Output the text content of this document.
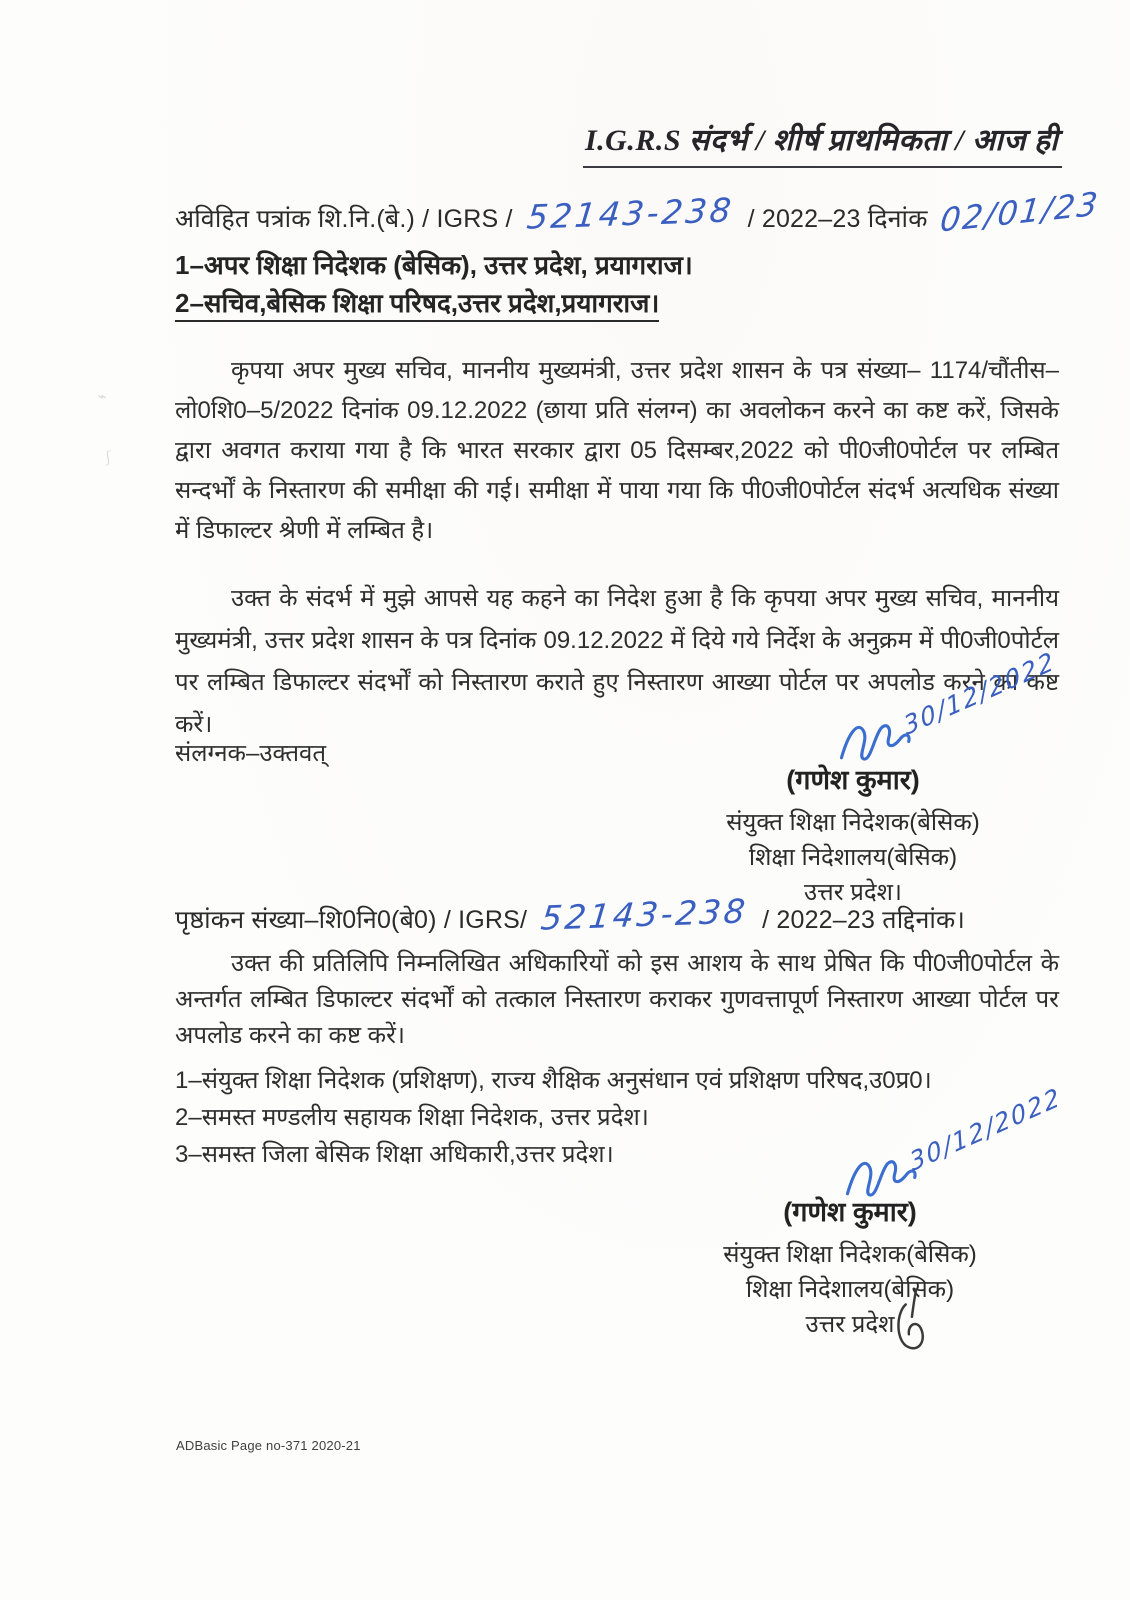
⌁
⎰
I.G.R.S संदर्भ / शीर्ष प्राथमिकता / आज ही
अविहित पत्रांक शि.नि.(बे.) / IGRS / 52143-238 / 2022–23 दिनांक 02/01/23
1–अपर शिक्षा निदेशक (बेसिक), उत्तर प्रदेश, प्रयागराज।
2–सचिव,बेसिक शिक्षा परिषद,उत्तर प्रदेश,प्रयागराज।

कृपया अपर मुख्य सचिव, माननीय मुख्यमंत्री, उत्तर प्रदेश शासन के पत्र संख्या– 1174/चौंतीस–लो0शि0–5/2022 दिनांक 09.12.2022 (छाया प्रति संलग्न) का अवलोकन करने का कष्ट करें, जिसके द्वारा अवगत कराया गया है कि भारत सरकार द्वारा 05 दिसम्बर,2022 को पी0जी0पोर्टल पर लम्बित सन्दर्भों के निस्तारण की समीक्षा की गई। समीक्षा में पाया गया कि पी0जी0पोर्टल संदर्भ अत्यधिक संख्या में डिफाल्टर श्रेणी में लम्बित है।

उक्त के संदर्भ में मुझे आपसे यह कहने का निदेश हुआ है कि कृपया अपर मुख्य सचिव, माननीय मुख्यमंत्री, उत्तर प्रदेश शासन के पत्र दिनांक 09.12.2022 में दिये गये निर्देश के अनुक्रम में पी0जी0पोर्टल पर लम्बित डिफाल्टर संदर्भों को निस्तारण कराते हुए निस्तारण आख्या पोर्टल पर अपलोड करने का कष्ट करें।

संलग्नक–उक्तवत्
30/12/2022

(गणेश कुमार)

संयुक्त शिक्षा निदेशक(बेसिक)

शिक्षा निदेशालय(बेसिक)

उत्तर प्रदेश।

पृष्ठांकन संख्या–शि0नि0(बे0) / IGRS/ 52143-238 / 2022–23 तद्दिनांक।

उक्त की प्रतिलिपि निम्नलिखित अधिकारियों को इस आशय के साथ प्रेषित कि पी0जी0पोर्टल के अन्तर्गत लम्बित डिफाल्टर संदर्भों को तत्काल निस्तारण कराकर गुणवत्तापूर्ण निस्तारण आख्या पोर्टल पर अपलोड करने का कष्ट करें।

1–संयुक्त शिक्षा निदेशक (प्रशिक्षण), राज्य शैक्षिक अनुसंधान एवं प्रशिक्षण परिषद,उ0प्र0।
2–समस्त मण्डलीय सहायक शिक्षा निदेशक, उत्तर प्रदेश।
3–समस्त जिला बेसिक शिक्षा अधिकारी,उत्तर प्रदेश।	30/12/2022

(गणेश कुमार)

संयुक्त शिक्षा निदेशक(बेसिक)

शिक्षा निदेशालय(बेसिक)

उत्तर प्रदेश

ADBasic Page no-371 2020-21
